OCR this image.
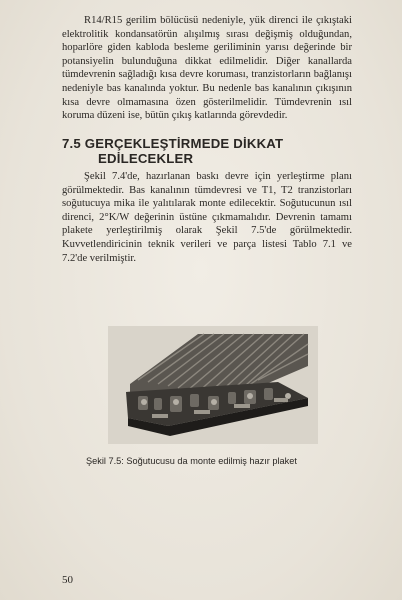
R14/R15 gerilim bölücüsü nedeniyle, yük direnci ile çıkıştaki elektrolitik kondansatörün alışılmış sırası değişmiş olduğundan, hoparlöre giden kabloda besleme geriliminin yarısı değerinde bir potansiyelin bulunduğuna dikkat edilmelidir. Diğer kanallarda tümdevrenin sağladığı kısa devre koruması, tranzistorların bağlanışı nedeniyle bas kanalında yoktur. Bu nedenle bas kanalının çıkışının kısa devre olmamasına özen gösterilmelidir. Tümdevrenin ısıl koruma düzeni ise, bütün çıkış katlarında görevdedir.

7.5 GERÇEKLEŞTİRMEDE DİKKAT
EDİLECEKLER

Şekil 7.4'de, hazırlanan baskı devre için yerleştirme planı görülmektedir. Bas kanalının tümdevresi ve T1, T2 tranzistorları soğutucuya mika ile yalıtılarak monte edilecektir. Soğutucunun ısıl direnci, 2°K/W değerinin üstüne çıkmamalıdır. Devrenin tamamı plakete yerleştirilmiş olarak Şekil 7.5'de görülmektedir. Kuvvetlendiricinin teknik verileri ve parça listesi Tablo 7.1 ve 7.2'de verilmiştir.

Şekil 7.5: Soğutucusu da monte edilmiş hazır plaket
50
